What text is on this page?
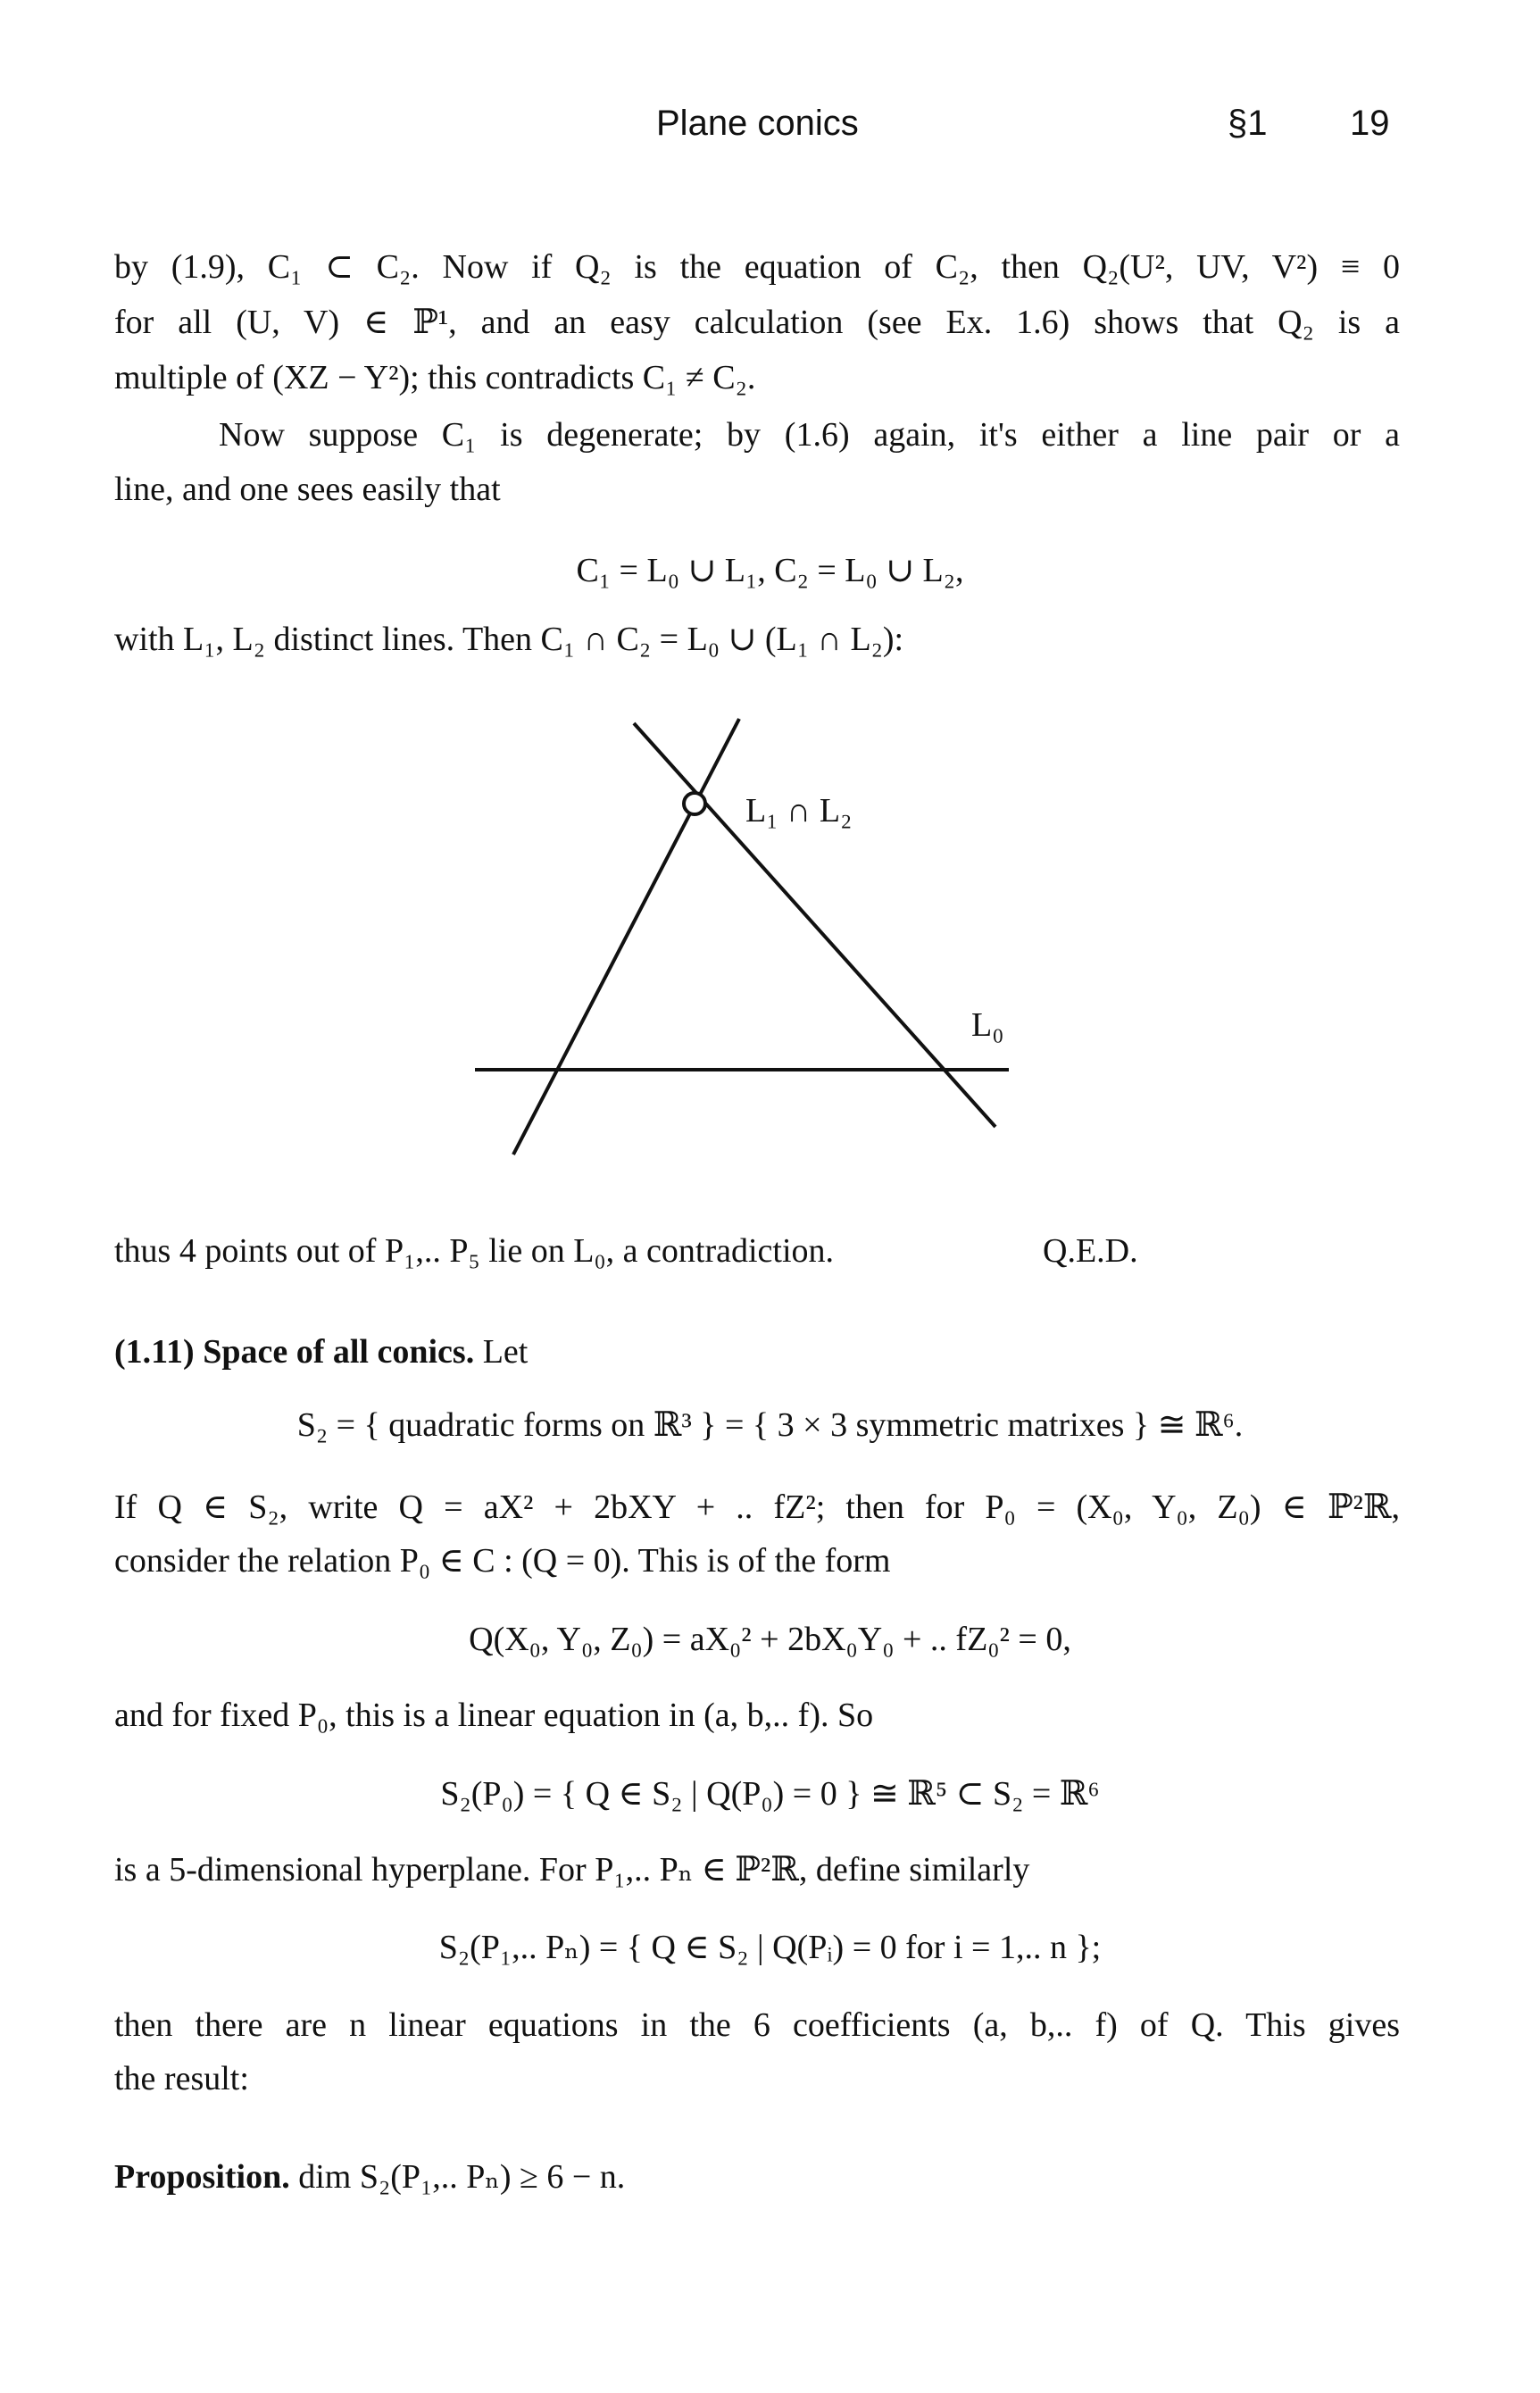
Plane conics	§1 19
by (1.9), C₁ ⊂ C₂. Now if Q₂ is the equation of C₂, then Q₂(U², UV, V²) ≡ 0
for all (U, V) ∈ ℙ¹, and an easy calculation (see Ex. 1.6) shows that Q₂ is a
multiple of (XZ − Y²); this contradicts C₁ ≠ C₂.
Now suppose C₁ is degenerate; by (1.6) again, it's either a line pair or a
line, and one sees easily that
C₁ = L₀ ∪ L₁, C₂ = L₀ ∪ L₂,
with L₁, L₂ distinct lines. Then C₁ ∩ C₂ = L₀ ∪ (L₁ ∩ L₂):
L₁ ∩ L₂
L₀
thus 4 points out of P₁,.. P₅ lie on L₀, a contradiction.	Q.E.D.
(1.11) Space of all conics. Let
S₂ = { quadratic forms on ℝ³ } = { 3 × 3 symmetric matrixes } ≅ ℝ⁶.
If Q ∈ S₂, write Q = aX² + 2bXY + .. fZ²; then for P₀ = (X₀, Y₀, Z₀) ∈ ℙ²ℝ,
consider the relation P₀ ∈ C : (Q = 0). This is of the form
Q(X₀, Y₀, Z₀) = aX₀² + 2bX₀Y₀ + .. fZ₀² = 0,
and for fixed P₀, this is a linear equation in (a, b,.. f). So
S₂(P₀) = { Q ∈ S₂ | Q(P₀) = 0 } ≅ ℝ⁵ ⊂ S₂ = ℝ⁶
is a 5-dimensional hyperplane. For P₁,.. Pₙ ∈ ℙ²ℝ, define similarly
S₂(P₁,.. Pₙ) = { Q ∈ S₂ | Q(Pᵢ) = 0 for i = 1,.. n };
then there are n linear equations in the 6 coefficients (a, b,.. f) of Q. This gives
the result:
Proposition. dim S₂(P₁,.. Pₙ) ≥ 6 − n.
